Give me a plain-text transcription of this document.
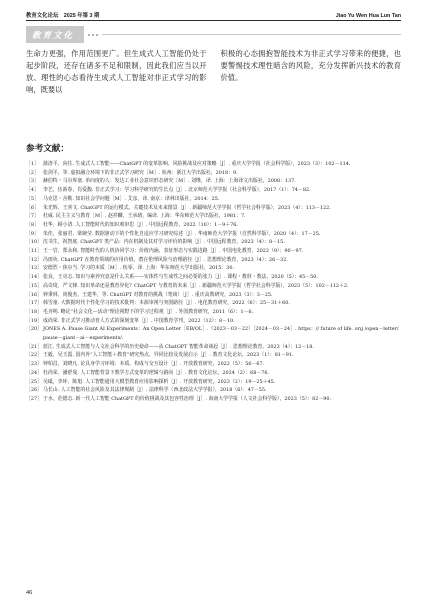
教育文化论坛　2025 年第 3 期	Jiao Yu Wen Hua Lun Tan
教育文化

生命力更强，作用范围更广。但生成式人工智能仍处于起步阶段，还存在诸多不足和限制，因此我们应当以开放、理性的心态看待生成式人工智能对非正式学习的影响，既要以

积极的心态拥抱智能技术为非正式学习带来的便捷，也要警惕技术理性暗含的风险，充分发挥新兴技术的教育价值。

参考文献：
［1］ 蒲清平，向往. 生成式人工智能——ChatGPT 的变革影响、风险挑战及应对策略［J］. 重庆大学学报（社会科学版），2023（3）：102－114.
［2］ 张剑平，等. 虚拟融合环境下的非正式学习研究［M］. 杭州：浙江大学出版社，2018：9.
［3］ 赫伯特・马尔库塞. 单向度的人：发达工业社会意识形态研究［M］. 刘继，译. 上海：上海译文出版社，2008：137.
［4］ 李艺，伍新春，肖爱馥. 非正式学习：学习科学研究的生长点［J］. 北京师范大学学报（社会科学版），2017（1）：74－82.
［5］ 马克思・舍勒. 知识社会学问题［M］. 艾彦，译. 南京：译林出版社，2014：25.
［6］ 朱光辉，王喜文. ChatGPT 的运行模式、关键技术及未来图景［J］. 新疆师范大学学报（哲学社会科学版），2023（4）：113－122.
［7］ 杜威. 民主主义与教育［M］. 赵祥麟，王承绪，编译. 上海：华东师范大学出版社，1981：7.
［8］ 杜华，顾小清. 人工智能时代的知识观审思［J］. 中国远程教育，2022（10）：1－9＋76.
［9］ 朱佳，张丽君，梁婉莹. 数据驱动下的个性化自适应学习研究综述［J］. 华南师范大学学报（自然科学版），2020（4）：17－25.
［10］ 沈书生，祝智庭. ChatGPT 类产品：内在机制及其对学习评价的影响［J］. 中国远程教育，2023（4）：8－15.
［11］ 王一岩，郑永和. 智能时代的人机协同学习：价值内涵、表征形态与实践进路［J］. 中国电化教育，2022（9）：90－97.
［12］ 冯雨奂. ChatGPT 在教育领域的应用价值、潜在伦理风险与治理路径［J］. 思想理论教育，2023（4）：26－32.
［13］ 安德烈・焦尔当. 学习的本质［M］. 杭零，译. 上海：华东师范大学出版社，2015：30.
［14］ 张良，王克志. 知识与素养究竟是什么关系——实体性与生成性之间必要的张力［J］. 课程・教材・教法，2020（5）：45－50.
［15］ 高奇琦，严文锋. 知识革命还是教育异化？ChatGPT 与教育的未来［J］. 新疆师范大学学报（哲学社会科学版），2023（5）：102－112＋2.
［16］ 钟秉林，尚俊杰，王建华，等. ChatGPT 对教育的挑战（笔谈）［J］. 重庆高教研究，2023（3）：3－25.
［17］ 韩雪童. 大数据时代个性化学习的技术批判：本源审视与突围路径［J］. 电化教育研究，2022（6）：25－31＋60.
［18］ 毛齐明. 略论“社会文化—活动”理论视野下的学习过程观［J］. 外国教育研究，2011（6）：1－6.
［19］ 成尚荣. 非正式学习推动育人方式的深刻变革［J］. 中国教育学刊，2022（12）：8－10.
［20］ JONES A. Pause Giant AI Experiments：An Open Letter［EB/OL］.（2023－03－22）［2024－03－24］. https：// future of life. org /open－letter/pause－giant－ai－experiments/.
［21］ 蓝江. 生成式人工智能与人文社会科学的历史使命——从 ChatGPT 智能革命谈起［J］. 思想理论教育，2023（4）：12－18.
［22］ 王毅，吴玉霞. 国内外“人工智能＋教育”研究热点、异同比较及发展启示［J］. 教育文化论坛，2023（1）：81－91.
［23］ 钟柏昌，刘晓凡. 论具身学习环境：本质、构成与交互设计［J］. 开放教育研究，2022（5）：56－67.
［24］ 杜尚荣，潘舒曼. 人工智能背景下教学方式变革的逻辑与路向［J］. 教育文化论坛，2024（2）：68－76.
［25］ 吴砥，李环，陈旭. 人工智能通用大模型教育应用影响探析［J］. 开放教育研究，2023（2）：19－25＋45.
［26］ 马长山. 人工智能的社会风险及其法律规制［J］. 法律科学（西北政法大学学报），2018（6）：47－55.
［27］ 于水，范德志. 新一代人工智能 ChatGPT 的价值挑战及其包容性治理［J］. 海南大学学报（人文社会科学版），2023（5）：82－90.
46
